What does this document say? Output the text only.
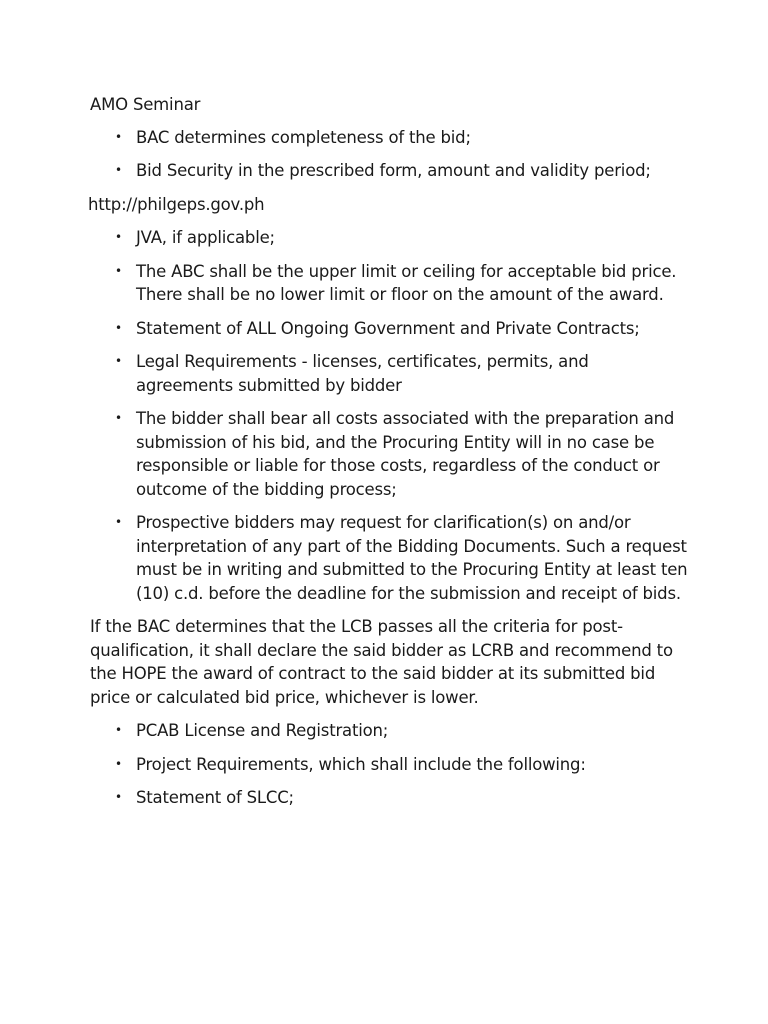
AMO Seminar
• BAC determines completeness of the bid;
• Bid Security in the prescribed form, amount and validity period;
http://philgeps.gov.ph
• JVA, if applicable;
• The ABC shall be the upper limit or ceiling for acceptable bid price. There shall be no lower limit or floor on the amount of the award.
• Statement of ALL Ongoing Government and Private Contracts;
• Legal Requirements - licenses, certificates, permits, and agreements submitted by bidder
• The bidder shall bear all costs associated with the preparation and submission of his bid, and the Procuring Entity will in no case be responsible or liable for those costs, regardless of the conduct or outcome of the bidding process;
• Prospective bidders may request for clarification(s) on and/or interpretation of any part of the Bidding Documents. Such a request must be in writing and submitted to the Procuring Entity at least ten (10) c.d. before the deadline for the submission and receipt of bids.
If the BAC determines that the LCB passes all the criteria for post-qualification, it shall declare the said bidder as LCRB and recommend to the HOPE the award of contract to the said bidder at its submitted bid price or calculated bid price, whichever is lower.
• PCAB License and Registration;
• Project Requirements, which shall include the following:
• Statement of SLCC;
